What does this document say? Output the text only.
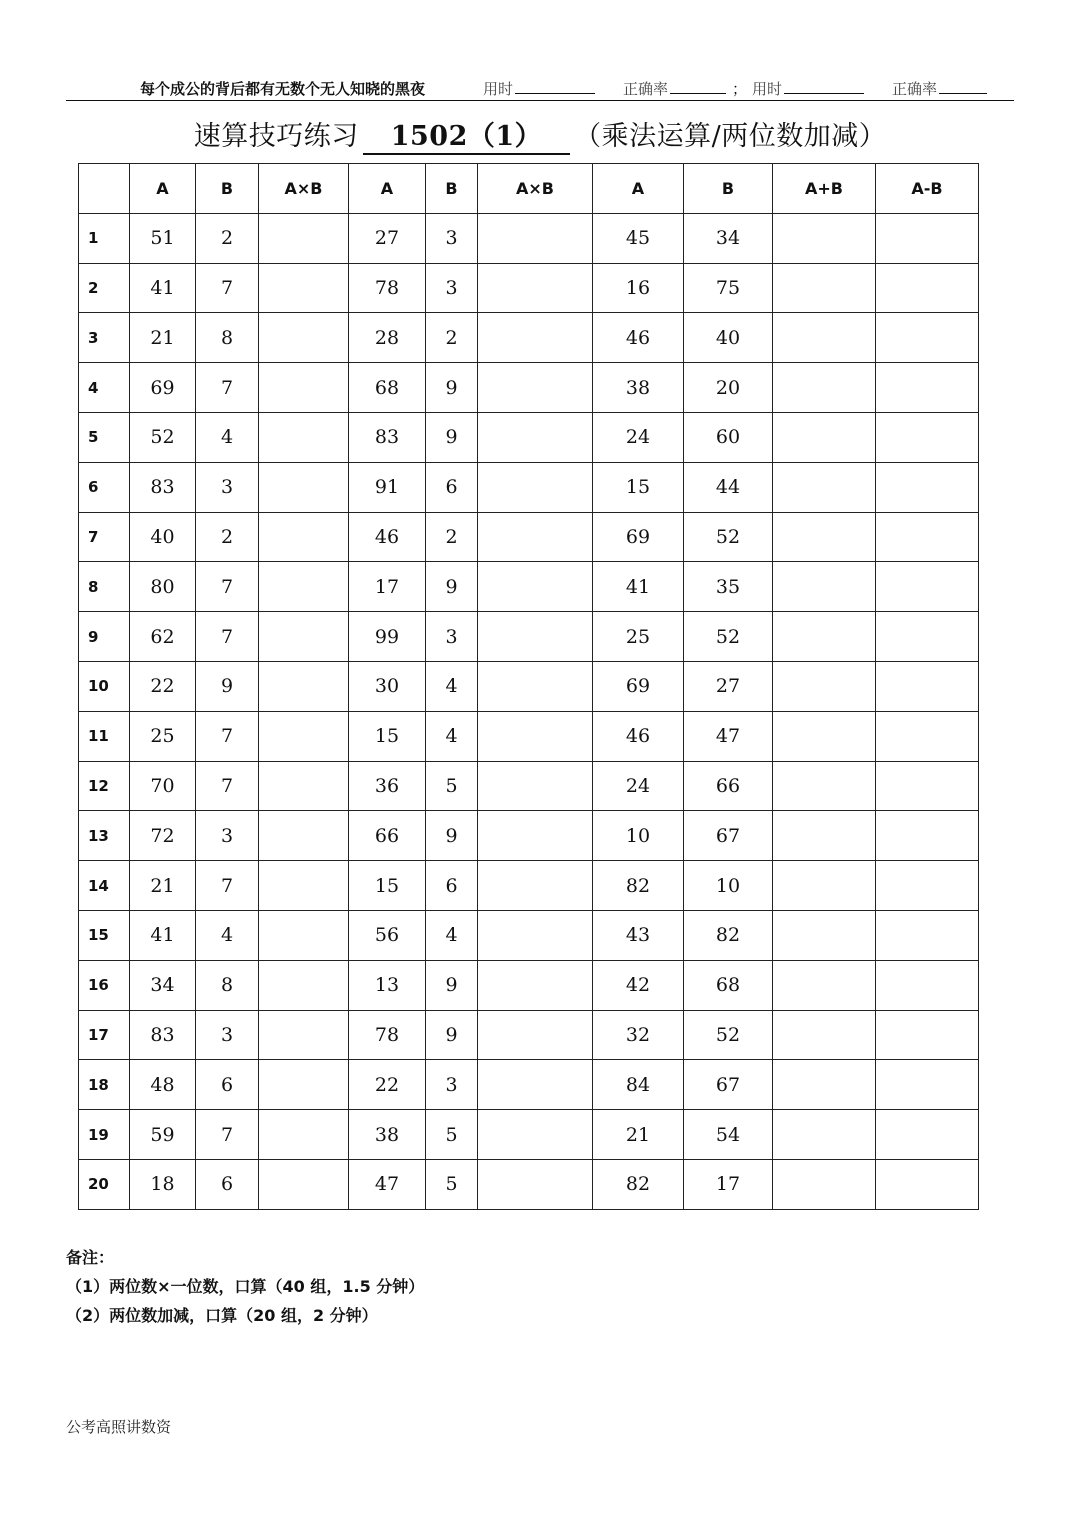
每个成公的背后都有无数个无人知晓的黑夜	用时	正确率	； 用时	正确率
速算技巧练习 1502（1） （乘法运算/两位数加减）
	A	B	A×B	A	B	A×B	A	B	A+B	A-B
1	51	2		27	3		45	34		
2	41	7		78	3		16	75		
3	21	8		28	2		46	40		
4	69	7		68	9		38	20		
5	52	4		83	9		24	60		
6	83	3		91	6		15	44		
7	40	2		46	2		69	52		
8	80	7		17	9		41	35		
9	62	7		99	3		25	52		
10	22	9		30	4		69	27		
11	25	7		15	4		46	47		
12	70	7		36	5		24	66		
13	72	3		66	9		10	67		
14	21	7		15	6		82	10		
15	41	4		56	4		43	82		
16	34	8		13	9		42	68		
17	83	3		78	9		32	52		
18	48	6		22	3		84	67		
19	59	7		38	5		21	54		
20	18	6		47	5		82	17		
备注：
（1）两位数×一位数，口算（40 组，1.5 分钟）
（2）两位数加减，口算（20 组，2 分钟）
公考高照讲数资
